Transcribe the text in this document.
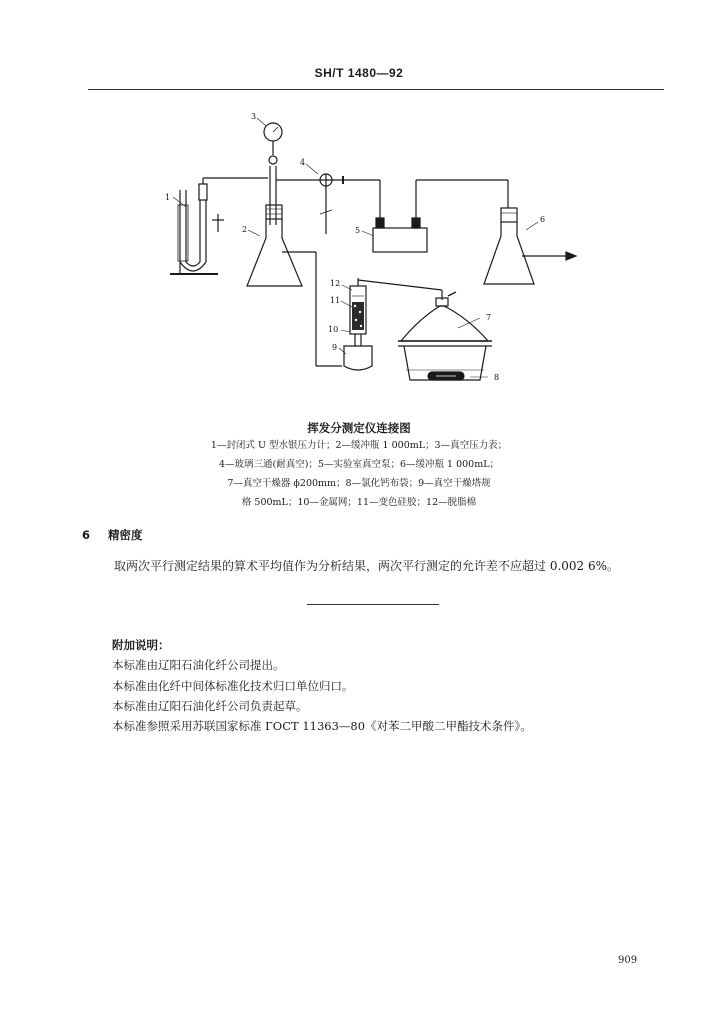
SH/T 1480—92
1
2
3
4
5
6
7
8
9
10
11
12
挥发分测定仪连接图
1—封闭式 U 型水银压力计；2—缓冲瓶 1 000mL；3—真空压力表；
4—玻璃三通(耐真空)；5—实验室真空泵；6—缓冲瓶 1 000mL；
7—真空干燥器 ϕ200mm；8—氯化钙布袋；9—真空干燥塔规
格 500mL；10—金属网；11—变色硅胶；12—脱脂棉
6 精密度
取两次平行测定结果的算术平均值作为分析结果，两次平行测定的允许差不应超过 0.002 6%。
附加说明：
本标准由辽阳石油化纤公司提出。
本标准由化纤中间体标准化技术归口单位归口。
本标准由辽阳石油化纤公司负责起草。
本标准参照采用苏联国家标准 ГОСТ 11363—80《对苯二甲酸二甲酯技术条件》。
909
